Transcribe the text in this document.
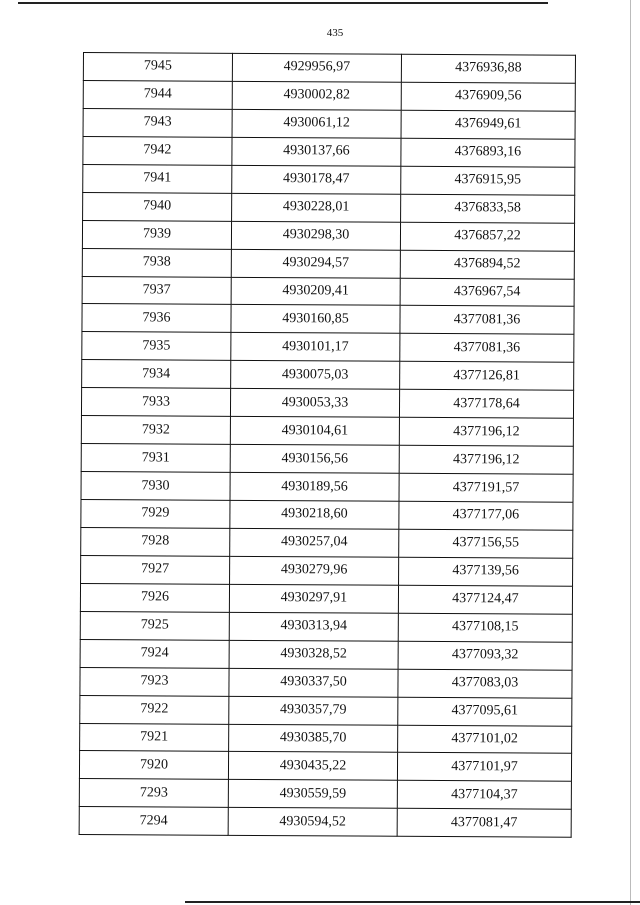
435
7945	4929956,97	4376936,88
7944	4930002,82	4376909,56
7943	4930061,12	4376949,61
7942	4930137,66	4376893,16
7941	4930178,47	4376915,95
7940	4930228,01	4376833,58
7939	4930298,30	4376857,22
7938	4930294,57	4376894,52
7937	4930209,41	4376967,54
7936	4930160,85	4377081,36
7935	4930101,17	4377081,36
7934	4930075,03	4377126,81
7933	4930053,33	4377178,64
7932	4930104,61	4377196,12
7931	4930156,56	4377196,12
7930	4930189,56	4377191,57
7929	4930218,60	4377177,06
7928	4930257,04	4377156,55
7927	4930279,96	4377139,56
7926	4930297,91	4377124,47
7925	4930313,94	4377108,15
7924	4930328,52	4377093,32
7923	4930337,50	4377083,03
7922	4930357,79	4377095,61
7921	4930385,70	4377101,02
7920	4930435,22	4377101,97
7293	4930559,59	4377104,37
7294	4930594,52	4377081,47
